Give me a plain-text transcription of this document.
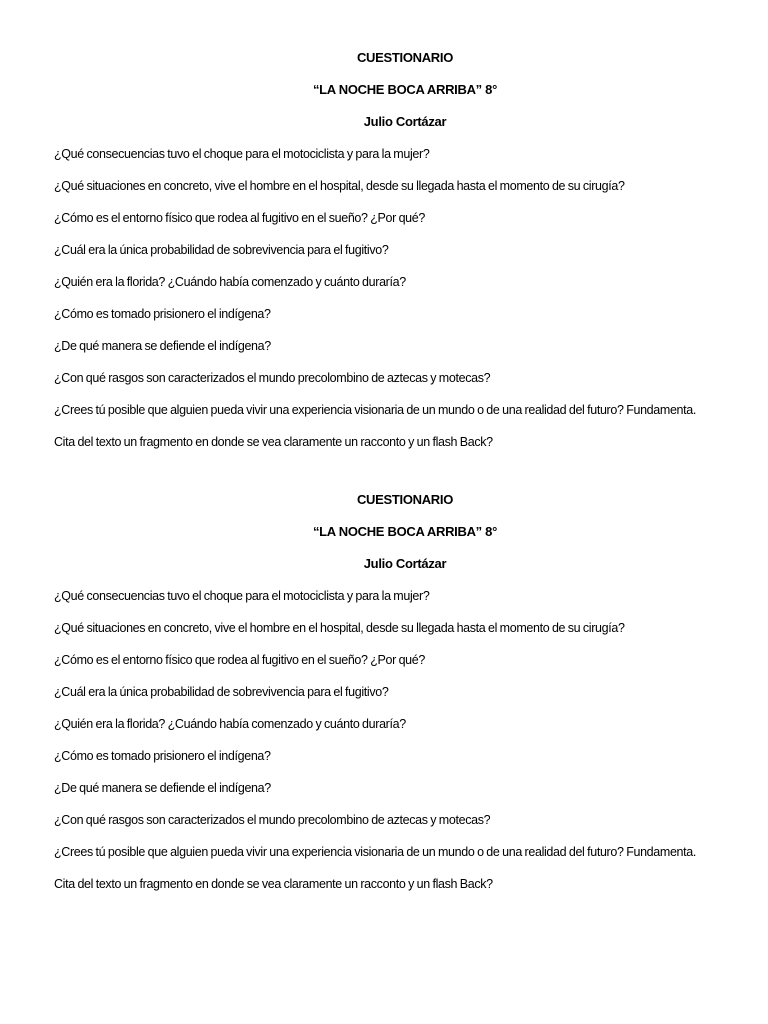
CUESTIONARIO
“LA NOCHE BOCA ARRIBA” 8°
Julio Cortázar
¿Qué consecuencias tuvo el choque para el motociclista y para la mujer?
¿Qué situaciones en concreto, vive el hombre en el hospital, desde su llegada hasta el momento de su cirugía?
¿Cómo es el entorno físico que rodea al fugitivo en el sueño? ¿Por qué?
¿Cuál era la única probabilidad de sobrevivencia para el fugitivo?
¿Quién era la florida? ¿Cuándo había comenzado y cuánto duraría?
¿Cómo es tomado prisionero el indígena?
¿De qué manera se defiende el indígena?
¿Con qué rasgos son caracterizados el mundo precolombino de aztecas y motecas?
¿Crees tú posible que alguien pueda vivir una experiencia visionaria de un mundo o de una realidad del futuro? Fundamenta.
Cita del texto un fragmento en donde se vea claramente un racconto y un flash Back?
CUESTIONARIO
“LA NOCHE BOCA ARRIBA” 8°
Julio Cortázar
¿Qué consecuencias tuvo el choque para el motociclista y para la mujer?
¿Qué situaciones en concreto, vive el hombre en el hospital, desde su llegada hasta el momento de su cirugía?
¿Cómo es el entorno físico que rodea al fugitivo en el sueño? ¿Por qué?
¿Cuál era la única probabilidad de sobrevivencia para el fugitivo?
¿Quién era la florida? ¿Cuándo había comenzado y cuánto duraría?
¿Cómo es tomado prisionero el indígena?
¿De qué manera se defiende el indígena?
¿Con qué rasgos son caracterizados el mundo precolombino de aztecas y motecas?
¿Crees tú posible que alguien pueda vivir una experiencia visionaria de un mundo o de una realidad del futuro? Fundamenta.
Cita del texto un fragmento en donde se vea claramente un racconto y un flash Back?
